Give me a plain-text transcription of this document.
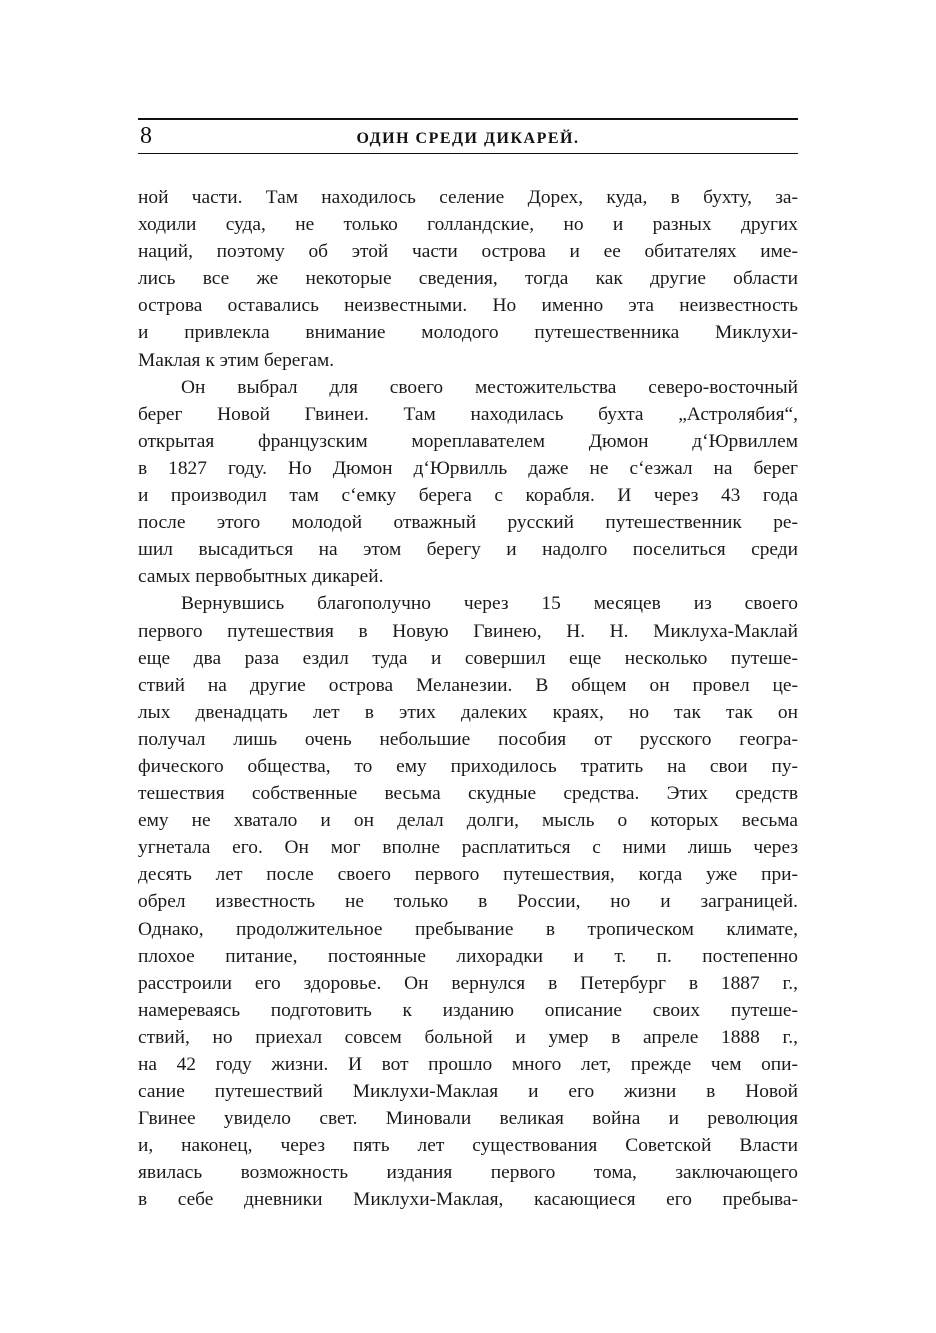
8	ОДИН СРЕДИ ДИКАРЕЙ.
ной части. Там находилось селение Дорех, куда, в бухту, за-
ходили суда, не только голландские, но и разных других
наций, поэтому об этой части острова и ее обитателях име-
лись все же некоторые сведения, тогда как другие области
острова оставались неизвестными. Но именно эта неизвестность
и привлекла внимание молодого путешественника Миклухи-
Маклая к этим берегам.
Он выбрал для своего местожительства северо-восточный
берег Новой Гвинеи. Там находилась бухта „Астролябия“,
открытая французским мореплавателем Дюмон д‘Юрвиллем
в 1827 году. Но Дюмон д‘Юрвилль даже не с‘езжал на берег
и производил там с‘емку берега с корабля. И через 43 года
после этого молодой отважный русский путешественник ре-
шил высадиться на этом берегу и надолго поселиться среди
самых первобытных дикарей.
Вернувшись благополучно через 15 месяцев из своего
первого путешествия в Новую Гвинею, Н. Н. Миклуха-Маклай
еще два раза ездил туда и совершил еще несколько путеше-
ствий на другие острова Меланезии. В общем он провел це-
лых двенадцать лет в этих далеких краях, но так так он
получал лишь очень небольшие пособия от русского геогра-
фического общества, то ему приходилось тратить на свои пу-
тешествия собственные весьма скудные средства. Этих средств
ему не хватало и он делал долги, мысль о которых весьма
угнетала его. Он мог вполне расплатиться с ними лишь через
десять лет после своего первого путешествия, когда уже при-
обрел известность не только в России, но и заграницей.
Однако, продолжительное пребывание в тропическом климате,
плохое питание, постоянные лихорадки и т. п. постепенно
расстроили его здоровье. Он вернулся в Петербург в 1887 г.,
намереваясь подготовить к изданию описание своих путеше-
ствий, но приехал совсем больной и умер в апреле 1888 г.,
на 42 году жизни. И вот прошло много лет, прежде чем опи-
сание путешествий Миклухи-Маклая и его жизни в Новой
Гвинее увидело свет. Миновали великая война и революция
и, наконец, через пять лет существования Советской Власти
явилась возможность издания первого тома, заключающего
в себе дневники Миклухи-Маклая, касающиеся его пребыва-
